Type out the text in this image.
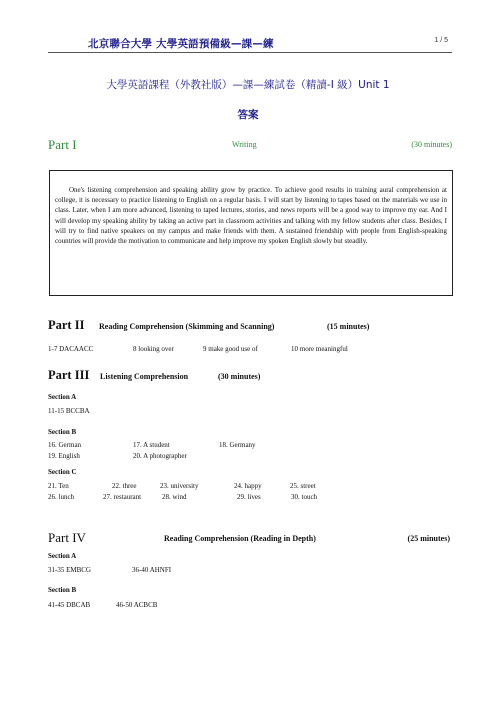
北京聯合大學 大學英語預備級—課—練	1 / 5
大學英語課程（外教社版）—課—練試卷（精讀-I 級）Unit 1
答案
Part I	Writing	(30 minutes)
One's listening comprehension and speaking ability grow by practice. To achieve good results in training aural comprehension at college, it is necessary to practice listening to English on a regular basis. I will start by listening to tapes based on the materials we use in class. Later, when I am more advanced, listening to taped lectures, stories, and news reports will be a good way to improve my ear. And I will develop my speaking ability by taking an active part in classroom activities and talking with my fellow students after class. Besides, I will try to find native speakers on my campus and make friends with them. A sustained friendship with people from English-speaking countries will provide the motivation to communicate and help improve my spoken English slowly but steadily.
Part II Reading Comprehension (Skimming and Scanning)	(15 minutes)
1-7 DACAACC	8 looking over	9 make good use of	10 more meaningful
Part III Listening Comprehension	(30 minutes)
Section A
11-15 BCCBA
Section B
16. German	17. A student	18. Germany
19. English	20. A photographer
Section C
21. Ten	22. three	23. university	24. happy	25. street
26. lunch	27. restaurant	28. wind	29. lives	30. touch
Part IV	Reading Comprehension (Reading in Depth)	(25 minutes)
Section A
31-35 EMBCG	36-40 AHNFI
Section B
41-45 DBCAB	46-50 ACBCB
